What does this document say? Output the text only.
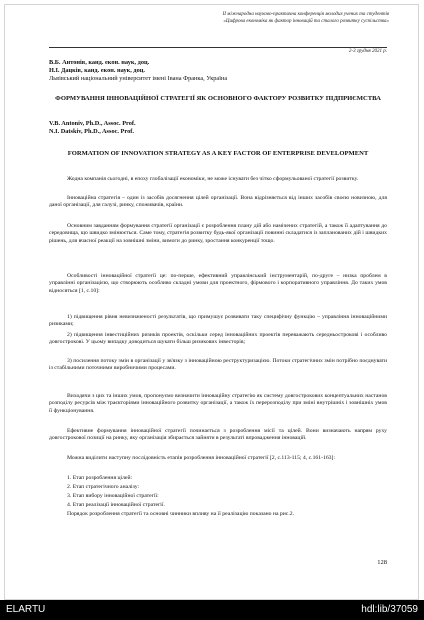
ІІ міжнародна науково-практична конференція молодих учених та студентів
«Цифрова економіка як фактор інновацій та сталого розвитку суспільства»
2-3 грудня 2021 р.
В.Б. Антонів, канд. екон. наук, доц.
Н.І. Дацків, канд. екон. наук, доц.
Львівський національний університет імені Івана Франка, Україна
ФОРМУВАННЯ ІННОВАЦІЙНОЇ СТРАТЕГІЇ ЯК ОСНОВНОГО ФАКТОРУ РОЗВИТКУ ПІДПРИЄМСТВА
V.B. Antoniv, Ph.D., Assoc. Prof.
N.I. Datskiv, Ph.D., Assoc. Prof.
FORMATION OF INNOVATION STRATEGY AS A KEY FACTOR OF ENTERPRISE DEVELOPMENT
Жодна компанія сьогодні, в епоху глобалізації економіки, не може існувати без чітко сформульованої стратегії розвитку.
Інноваційна стратегія – один із засобів досягнення цілей організації. Вона відрізняється від інших засобів своєю новизною, для даної організації, для галузі, ринку, споживачів, країни.
Основним завданням формування стратегії організації є розроблення плану дій або намічених стратегій, а також її адаптування до середовища, що швидко змінюється. Саме тому, стратегія розвитку будь-якої організації повинні складатися із запланованих дій і швидких рішень, для вчасної реакції на зовнішні зміни, вимоги до ринку, зростання конкуренції тощо.
Особливості інноваційної стратегії це: по-перше, ефективний управлінський інструментарій, по-друге – низка проблем в управлінні організацією, що створюють особливо складні умови для проектного, фірмового і корпоративного управління. До таких умов відносяться [1, с.10]:
1) підвищення рівня невизначеності результатів, що примушує розвивати таку специфічну функцію – управління інноваційними ризиками;
2) підвищення інвестиційних ризиків проектів, оскільки серед інноваційних проектів переважають середньострокові і особливо довгострокові. У цьому випадку доводиться шукати більш ризикових інвесторів;
3) посилення потоку змін в організації у зв'язку з інноваційною реструктуризацією. Потоки стратегічних змін потрібно поєднувати із стабільними поточними виробничими процесами.
Виходячи з цих та інших умов, пропонуємо визначити інноваційну стратегію як систему довгострокових концептуальних настанов розподілу ресурсів між траєкторіями інноваційного розвитку організації, а також їх перерозподілу при зміні внутрішніх і зовнішніх умов її функціонування.
Ефективне формування інноваційної стратегії починається з розроблення місії та цілей. Вони визначають напрям руху довгострокової позиції на ринку, яку організація збирається зайняти в результаті впровадження інновацій.
Можна виділити наступну послідовність етапів розроблення інноваційної стратегії [2, с.113-115; 4, с.161-163]:
1. Етап розроблення цілей:
2. Етап стратегічного аналізу:
3. Етап вибору інноваційної стратегії:
4. Етап реалізації інноваційної стратегії.
Порядок розроблення стратегії та основні чинники впливу на її реалізацію показано на рис.2.
128
ELARTU	hdl:lib/37059
